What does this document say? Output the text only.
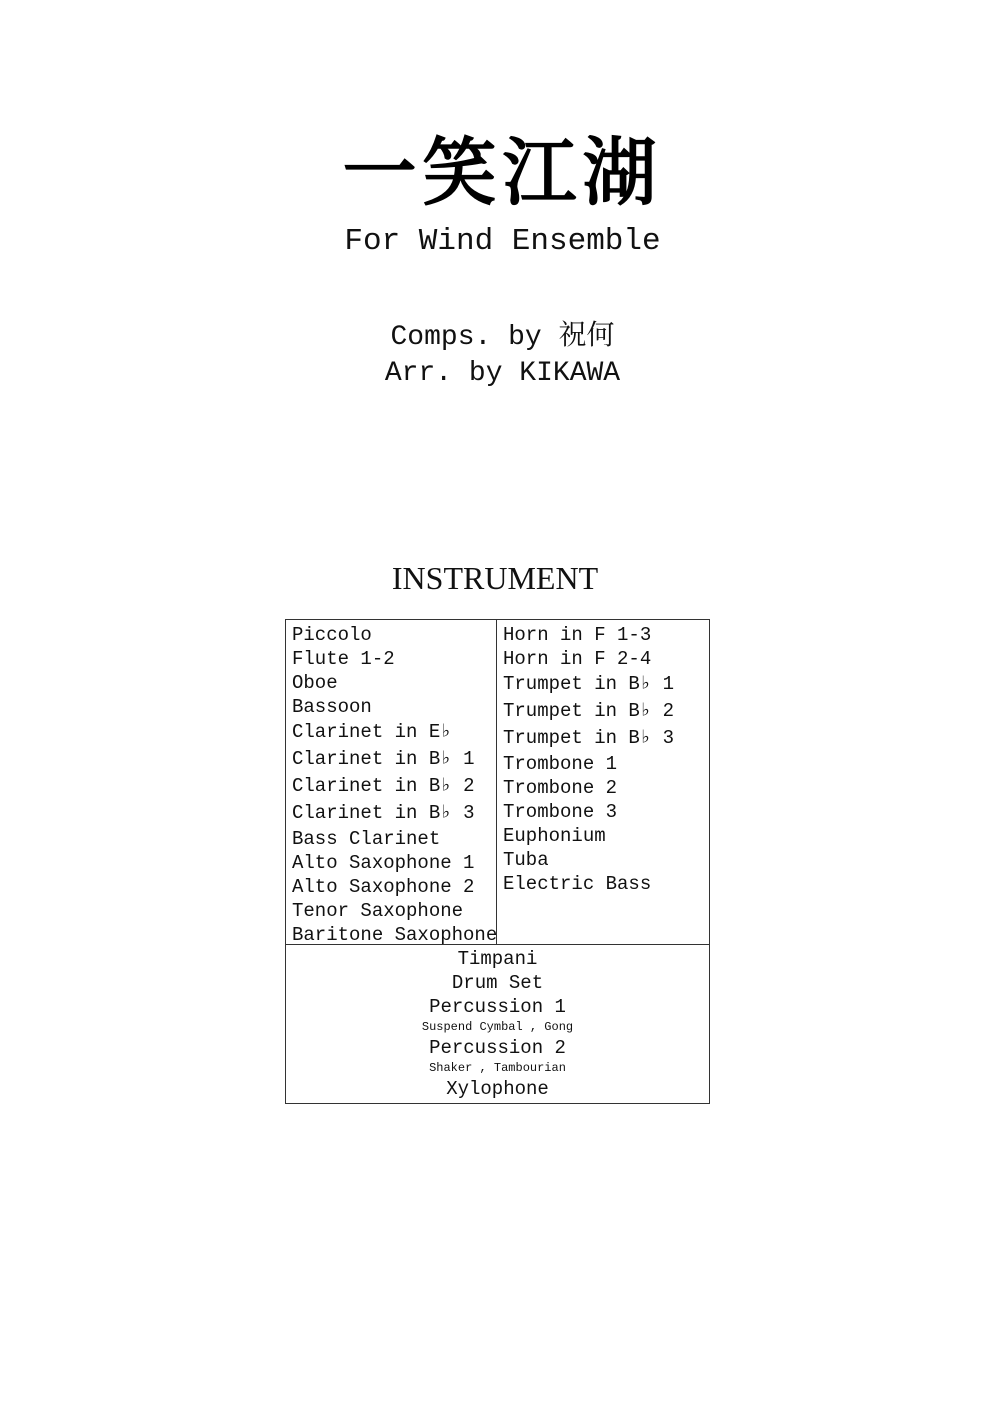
一笑江湖
For Wind Ensemble
Comps. by 祝何
Arr. by KIKAWA
INSTRUMENT
Piccolo
Flute 1-2
Oboe
Bassoon
Clarinet in E♭
Clarinet in B♭ 1
Clarinet in B♭ 2
Clarinet in B♭ 3
Bass Clarinet
Alto Saxophone 1
Alto Saxophone 2
Tenor Saxophone
Baritone Saxophone
Horn in F 1-3
Horn in F 2-4
Trumpet in B♭ 1
Trumpet in B♭ 2
Trumpet in B♭ 3
Trombone 1
Trombone 2
Trombone 3
Euphonium
Tuba
Electric Bass
Timpani
Drum Set
Percussion 1
Suspend Cymbal , Gong
Percussion 2
Shaker , Tambourian
Xylophone
